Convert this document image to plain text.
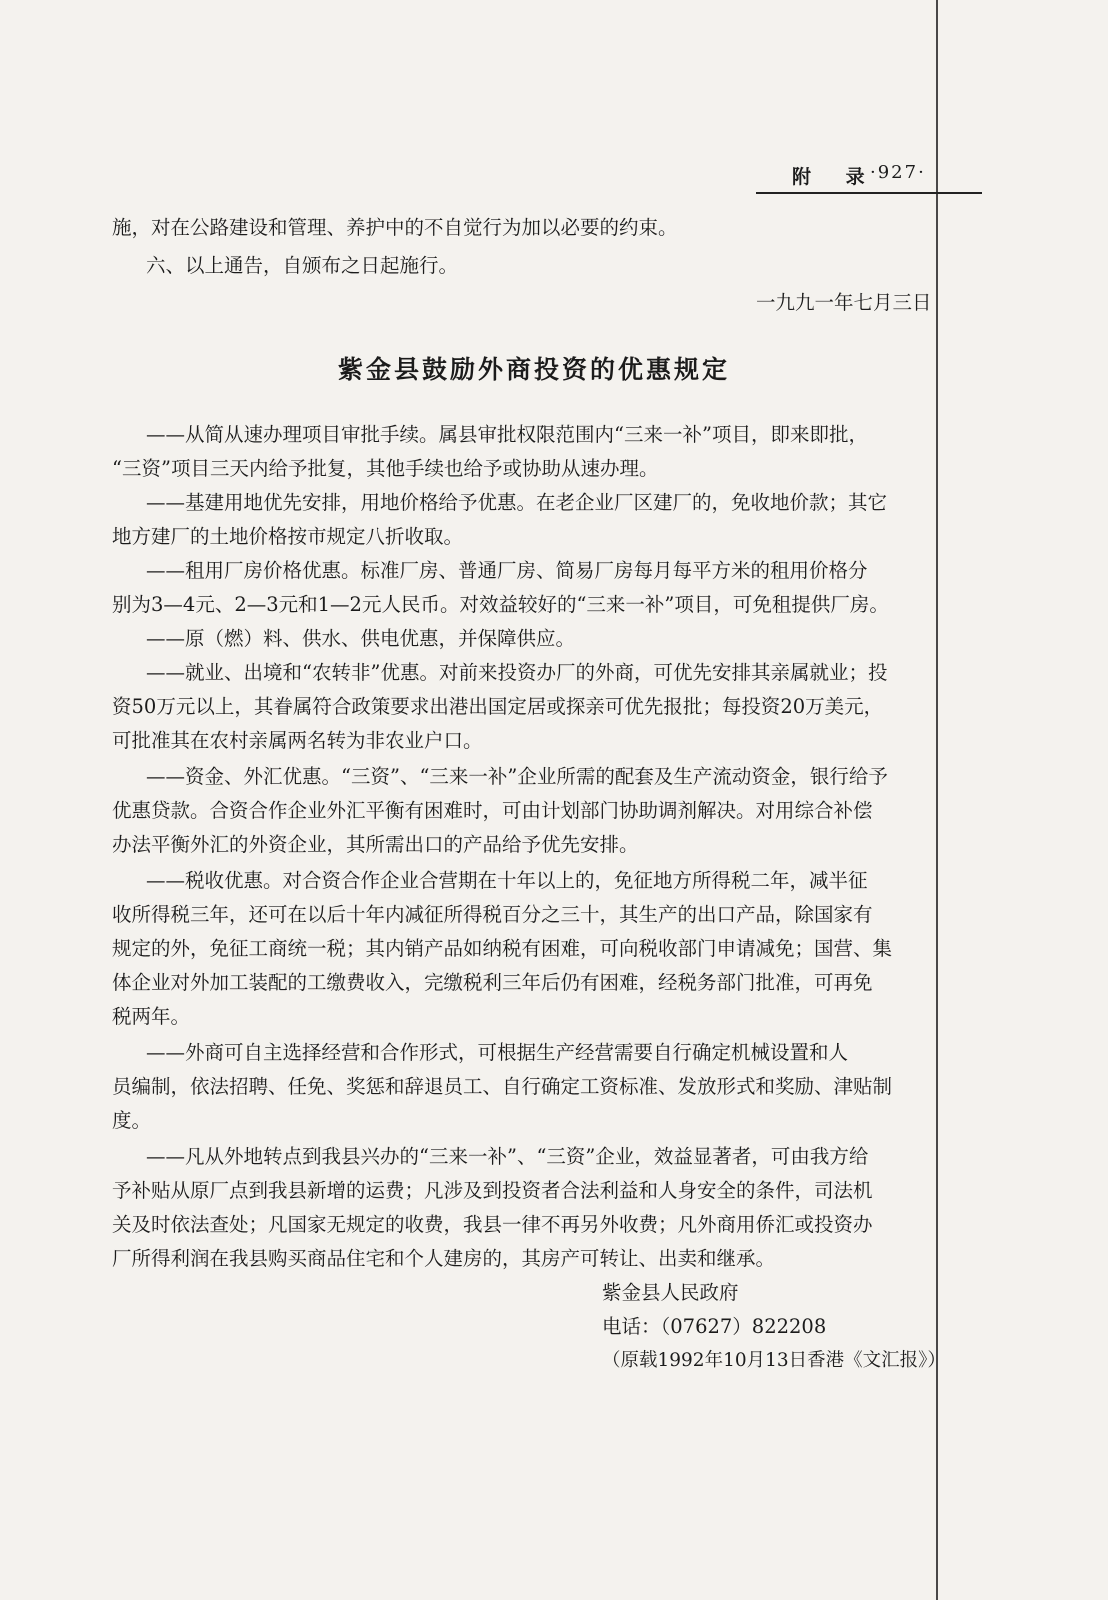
附 录
·927·
施，对在公路建设和管理、养护中的不自觉行为加以必要的约束。
六、以上通告，自颁布之日起施行。
一九九一年七月三日
紫金县鼓励外商投资的优惠规定
——从简从速办理项目审批手续。属县审批权限范围内“三来一补”项目，即来即批，
“三资”项目三天内给予批复，其他手续也给予或协助从速办理。
——基建用地优先安排，用地价格给予优惠。在老企业厂区建厂的，免收地价款；其它
地方建厂的土地价格按市规定八折收取。
——租用厂房价格优惠。标准厂房、普通厂房、简易厂房每月每平方米的租用价格分
别为3—4元、2—3元和1—2元人民币。对效益较好的“三来一补”项目，可免租提供厂房。
——原（燃）料、供水、供电优惠，并保障供应。
——就业、出境和“农转非”优惠。对前来投资办厂的外商，可优先安排其亲属就业；投
资50万元以上，其眷属符合政策要求出港出国定居或探亲可优先报批；每投资20万美元，
可批准其在农村亲属两名转为非农业户口。
——资金、外汇优惠。“三资”、“三来一补”企业所需的配套及生产流动资金，银行给予
优惠贷款。合资合作企业外汇平衡有困难时，可由计划部门协助调剂解决。对用综合补偿
办法平衡外汇的外资企业，其所需出口的产品给予优先安排。
——税收优惠。对合资合作企业合营期在十年以上的，免征地方所得税二年，减半征
收所得税三年，还可在以后十年内减征所得税百分之三十，其生产的出口产品，除国家有
规定的外，免征工商统一税；其内销产品如纳税有困难，可向税收部门申请减免；国营、集
体企业对外加工装配的工缴费收入，完缴税利三年后仍有困难，经税务部门批准，可再免
税两年。
——外商可自主选择经营和合作形式，可根据生产经营需要自行确定机械设置和人
员编制，依法招聘、任免、奖惩和辞退员工、自行确定工资标准、发放形式和奖励、津贴制
度。
——凡从外地转点到我县兴办的“三来一补”、“三资”企业，效益显著者，可由我方给
予补贴从原厂点到我县新增的运费；凡涉及到投资者合法利益和人身安全的条件，司法机
关及时依法查处；凡国家无规定的收费，我县一律不再另外收费；凡外商用侨汇或投资办
厂所得利润在我县购买商品住宅和个人建房的，其房产可转让、出卖和继承。
紫金县人民政府
电话：（07627）822208
（原载1992年10月13日香港《文汇报》）
